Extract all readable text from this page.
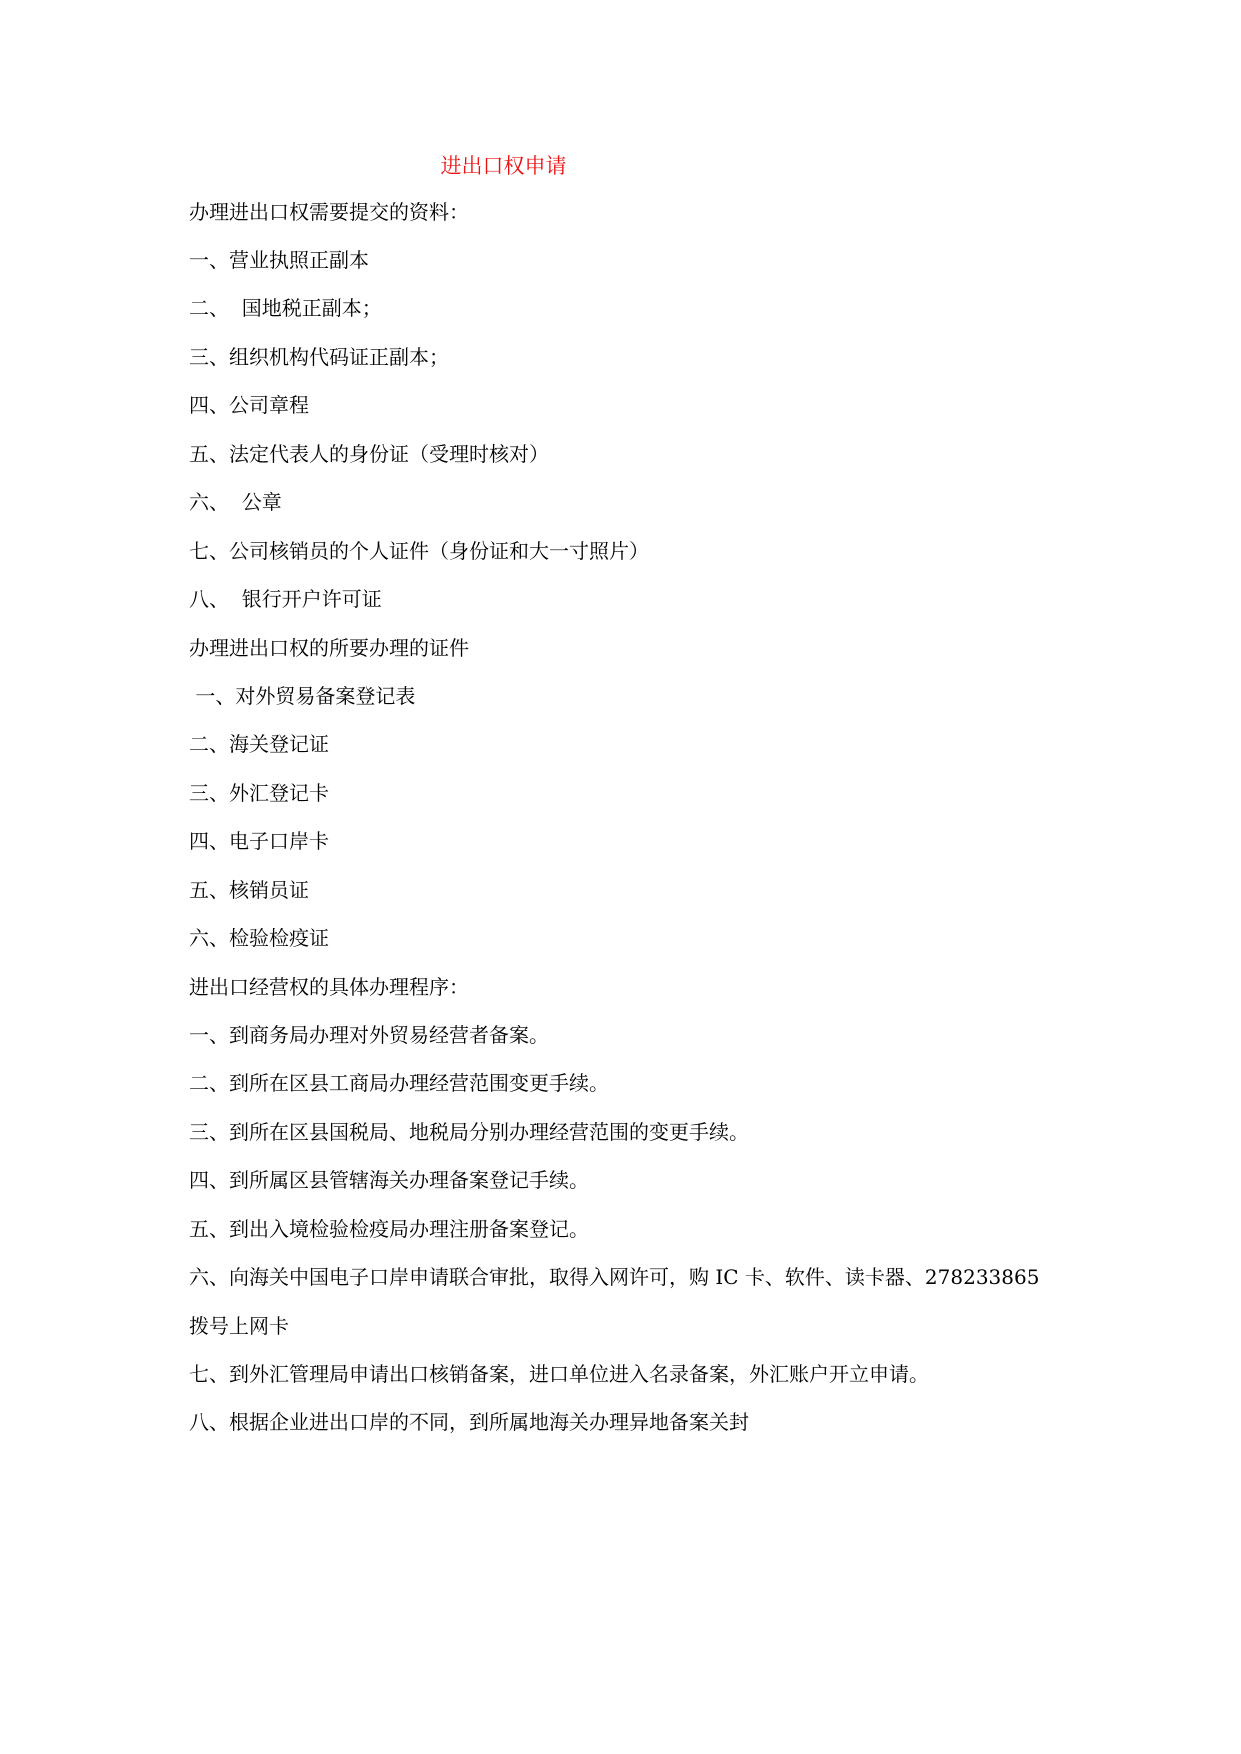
进出口权申请

办理进出口权需要提交的资料：

一、营业执照正副本

二、  国地税正副本；

三、组织机构代码证正副本；

四、公司章程

五、法定代表人的身份证（受理时核对）

六、  公章

七、公司核销员的个人证件（身份证和大一寸照片）

八、  银行开户许可证

办理进出口权的所要办理的证件

一、对外贸易备案登记表

二、海关登记证

三、外汇登记卡

四、电子口岸卡

五、核销员证

六、检验检疫证

进出口经营权的具体办理程序：

一、到商务局办理对外贸易经营者备案。

二、到所在区县工商局办理经营范围变更手续。

三、到所在区县国税局、地税局分别办理经营范围的变更手续。

四、到所属区县管辖海关办理备案登记手续。

五、到出入境检验检疫局办理注册备案登记。

六、向海关中国电子口岸申请联合审批，取得入网许可，购 IC 卡、软件、读卡器、278233865

拨号上网卡

七、到外汇管理局申请出口核销备案，进口单位进入名录备案，外汇账户开立申请。

八、根据企业进出口岸的不同，到所属地海关办理异地备案关封
